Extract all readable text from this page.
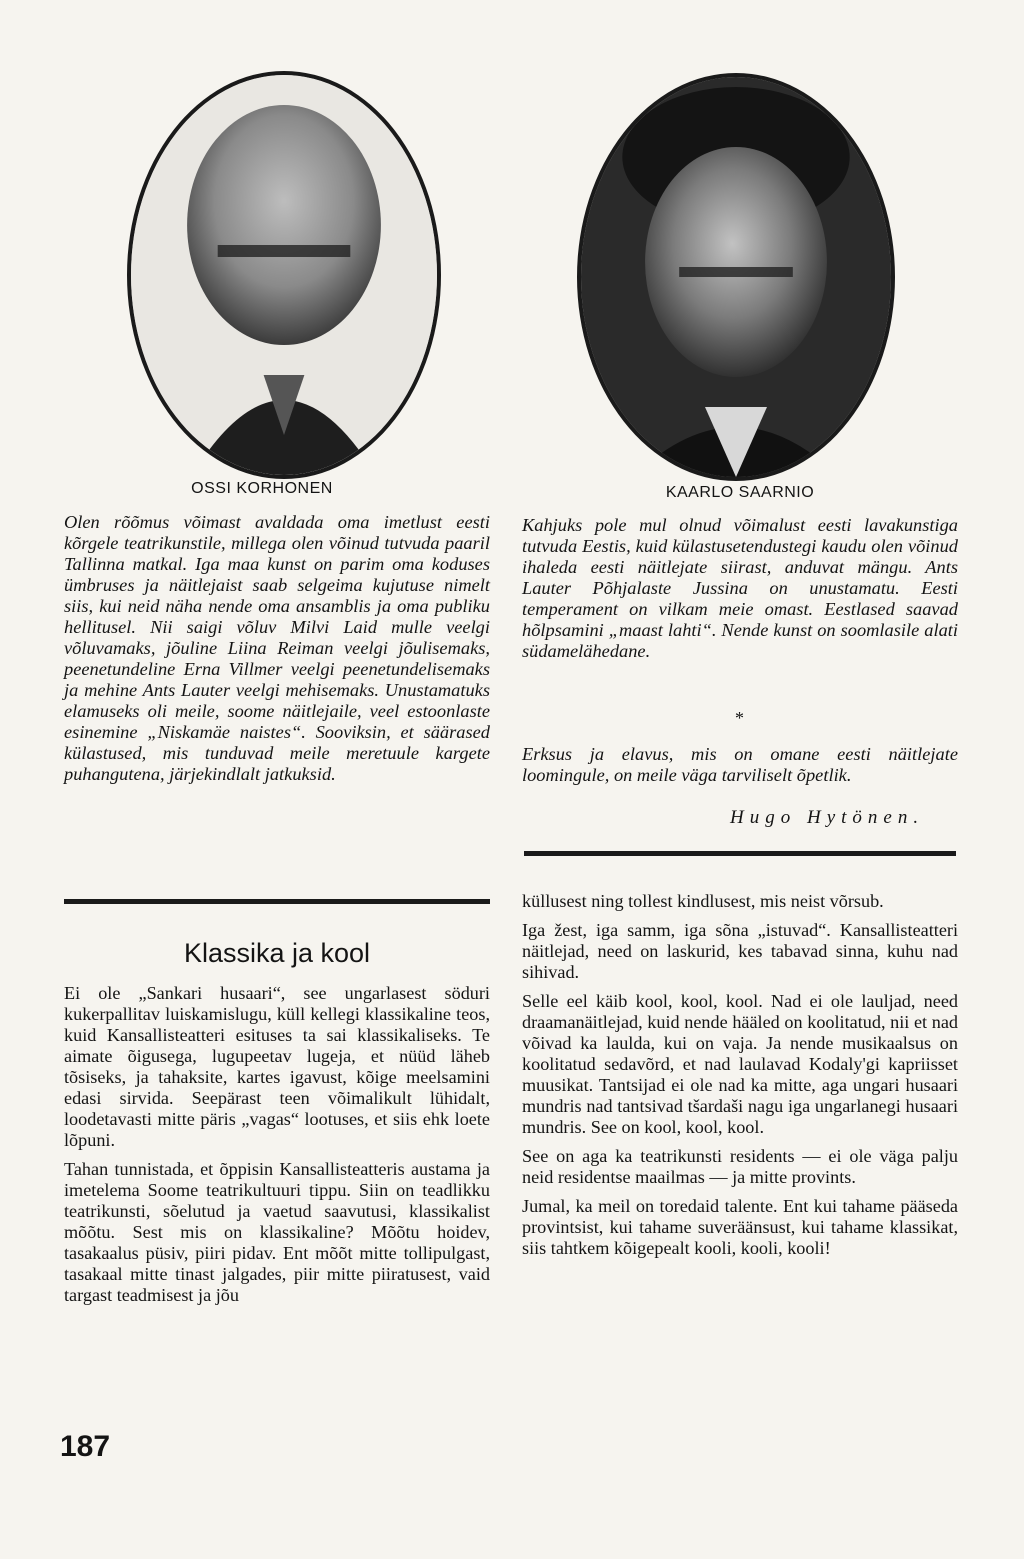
OSSI KORHONEN	KAARLO SAARNIO

Olen rõõmus võimast avaldada oma imetlust eesti kõrgele teatrikunstile, millega olen võinud tutvuda paaril Tallinna matkal. Iga maa kunst on parim oma koduses ümbruses ja näitlejaist saab selgeima kujutuse nimelt siis, kui neid näha nende oma ansamblis ja oma publiku hellitusel. Nii saigi võluv Milvi Laid mulle veelgi võluvamaks, jõuline Liina Reiman veelgi jõulisemaks, peenetundeline Erna Villmer veelgi peenetundelisemaks ja mehine Ants Lauter veelgi mehisemaks. Unustamatuks elamuseks oli meile, soome näitlejaile, veel estoonlaste esinemine „Niskamäe naistes“. Sooviksin, et säärased külastused, mis tunduvad meile meretuule kargete puhangutena, järjekindlalt jatkuksid.

Kahjuks pole mul olnud võimalust eesti lavakunstiga tutvuda Eestis, kuid külastusetendustegi kaudu olen võinud ihaleda eesti näitlejate siirast, anduvat mängu. Ants Lauter Põhjalaste Jussina on unustamatu. Eesti temperament on vilkam meie omast. Eestlased saavad hõlpsamini „maast lahti“. Nende kunst on soomlasile alati südamelähedane.

*

Erksus ja elavus, mis on omane eesti näitlejate loomingule, on meile väga tarviliselt õpetlik.

Hugo Hytönen.
Klassika ja kool

Ei ole „Sankari husaari“, see ungarlasest söduri kukerpallitav luiskamislugu, küll kellegi klassikaline teos, kuid Kansallisteatteri esituses ta sai klassikaliseks. Te aimate õigusega, lugupeetav lugeja, et nüüd läheb tõsiseks, ja tahaksite, kartes igavust, kõige meelsamini edasi sirvida. Seepärast teen võimalikult lühidalt, loodetavasti mitte päris „vagas“ lootuses, et siis ehk loete lõpuni.

Tahan tunnistada, et õppisin Kansallisteatteris austama ja imetelema Soome teatrikultuuri tippu. Siin on teadlikku teatrikunsti, sõelutud ja vaetud saavutusi, klassikalist mõõtu. Sest mis on klassikaline? Mõõtu hoidev, tasakaalus püsiv, piiri pidav. Ent mõõt mitte tollipulgast, tasakaal mitte tinast jalgades, piir mitte piiratusest, vaid targast teadmisest ja jõu

küllusest ning tollest kindlusest, mis neist võrsub.

Iga žest, iga samm, iga sõna „istuvad“. Kansallisteatteri näitlejad, need on laskurid, kes tabavad sinna, kuhu nad sihivad.

Selle eel käib kool, kool, kool. Nad ei ole lauljad, need draamanäitlejad, kuid nende hääled on koolitatud, nii et nad võivad ka laulda, kui on vaja. Ja nende musikaalsus on koolitatud sedavõrd, et nad laulavad Kodaly'gi kapriisset muusikat. Tantsijad ei ole nad ka mitte, aga ungari husaari mundris nad tantsivad tšardaši nagu iga ungarlanegi husaari mundris. See on kool, kool, kool.

See on aga ka teatrikunsti residents — ei ole väga palju neid residentse maailmas — ja mitte provints.

Jumal, ka meil on toredaid talente. Ent kui tahame pääseda provintsist, kui tahame suveräänsust, kui tahame klassikat, siis tahtkem kõigepealt kooli, kooli, kooli!

187
